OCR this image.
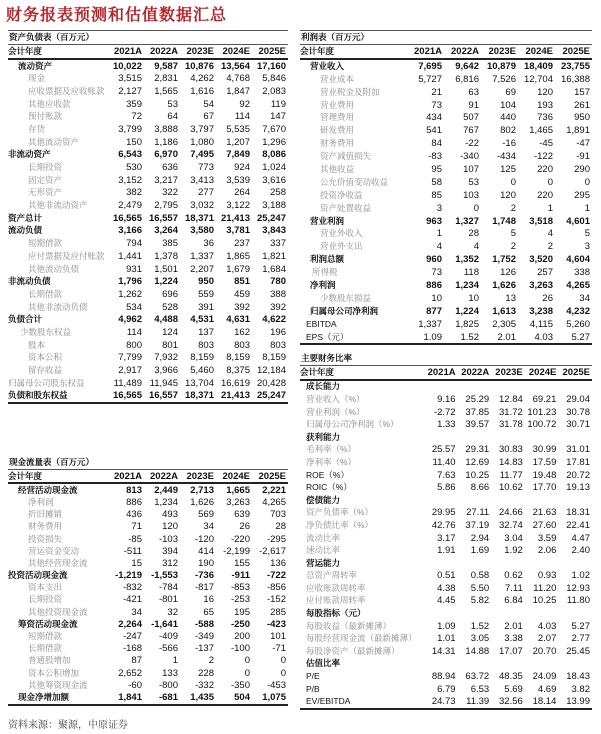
财务报表预测和估值数据汇总
资产负债表（百万元）
会计年度	2021A	2022A	2023E	2024E	2025E
流动资产	10,022	9,587	10,876	13,564	17,160
现金	3,515	2,831	4,262	4,768	5,846
应收票据及应收账款	2,127	1,565	1,616	1,847	2,083
其他应收款	359	53	54	92	119
预付账款	72	64	67	114	147
存货	3,799	3,888	3,797	5,535	7,670
其他流动资产	150	1,186	1,080	1,207	1,296
非流动资产	6,543	6,970	7,495	7,849	8,086
长期投资	530	636	773	924	1,024
固定资产	3,152	3,217	3,413	3,539	3,616
无形资产	382	322	277	264	258
其他非流动资产	2,479	2,795	3,032	3,122	3,188
资产总计	16,565	16,557	18,371	21,413	25,247
流动负债	3,166	3,264	3,580	3,781	3,843
短期借款	794	385	36	237	337
应付票据及应付账款	1,441	1,378	1,337	1,865	1,821
其他流动负债	931	1,501	2,207	1,679	1,684
非流动负债	1,796	1,224	950	851	780
长期借款	1,262	696	559	459	388
其他非流动负债	534	528	391	392	392
负债合计	4,962	4,488	4,531	4,631	4,622
少数股东权益	114	124	137	162	196
股本	800	801	803	803	803
资本公积	7,799	7,932	8,159	8,159	8,159
留存收益	2,917	3,966	5,460	8,375	12,184
归属母公司股东权益	11,489	11,945	13,704	16,619	20,428
负债和股东权益	16,565	16,557	18,371	21,413	25,247
利润表（百万元）
会计年度	2021A	2022A	2023E	2024E	2025E
营业收入	7,695	9,642	10,879	18,409	23,755
营业成本	5,727	6,816	7,526	12,704	16,388
营业税金及附加	21	63	69	120	157
营业费用	73	91	104	193	261
管理费用	434	507	440	736	950
研发费用	541	767	802	1,465	1,891
财务费用	84	-22	-16	-45	-47
资产减值损失	-83	-340	-434	-122	-91
其他收益	95	107	125	220	290
公允价值变动收益	58	53	0	0	0
投资净收益	85	103	120	220	295
资产处置收益	3	0	2	1	1
营业利润	963	1,327	1,748	3,518	4,601
营业外收入	1	28	5	4	5
营业外支出	4	4	2	2	3
利润总额	960	1,352	1,752	3,520	4,604
所得税	73	118	126	257	338
净利润	886	1,234	1,626	3,263	4,265
少数股东损益	10	10	13	26	34
归属母公司净利润	877	1,224	1,613	3,238	4,232
EBITDA	1,337	1,825	2,305	4,115	5,260
EPS（元）	1.09	1.52	2.01	4.03	5.27
现金流量表（百万元）
会计年度	2021A	2022A	2023E	2024E	2025E
经营活动现金流	813	2,449	2,713	1,665	2,221
净利润	886	1,234	1,626	3,263	4,265
折旧摊销	436	493	569	639	703
财务费用	71	120	34	26	28
投资损失	-85	-103	-120	-220	-295
营运资金变动	-511	394	414	-2,199	-2,617
其他经营现金流	15	312	190	155	136
投资活动现金流	-1,219	-1,553	-736	-911	-722
资本支出	-832	-784	-817	-853	-856
长期投资	-421	-801	16	-253	-152
其他投资现金流	34	32	65	195	285
筹资活动现金流	2,264	-1,641	-588	-250	-423
短期借款	-247	-409	-349	200	101
长期借款	-168	-566	-137	-100	-71
普通股增加	87	1	2	0	0
资本公积增加	2,652	133	228	0	0
其他筹资现金流	-60	-800	-332	-350	-453
现金净增加额	1,841	-681	1,435	504	1,075
主要财务比率
会计年度	2021A	2022A	2023E	2024E	2025E
成长能力					
营业收入（%）	9.16	25.29	12.84	69.21	29.04
营业利润（%）	-2.72	37.85	31.72	101.23	30.78
归属母公司净利润（%）	1.33	39.57	31.78	100.72	30.71
获利能力					
毛利率（%）	25.57	29.31	30.83	30.99	31.01
净利率（%）	11.40	12.69	14.83	17.59	17.81
ROE（%）	7.63	10.25	11.77	19.48	20.72
ROIC（%）	5.86	8.66	10.62	17.70	19.13
偿债能力					
资产负债率（%）	29.95	27.11	24.66	21.63	18.31
净负债比率（%）	42.76	37.19	32.74	27.60	22.41
流动比率	3.17	2.94	3.04	3.59	4.47
速动比率	1.91	1.69	1.92	2.06	2.40
营运能力					
总资产周转率	0.51	0.58	0.62	0.93	1.02
应收账款周转率	4.38	5.50	7.11	11.20	12.93
应付账款周转率	4.45	5.82	6.84	10.25	11.80
每股指标（元）					
每股收益（最新摊薄）	1.09	1.52	2.01	4.03	5.27
每股经营现金流（最新摊薄）	1.01	3.05	3.38	2.07	2.77
每股净资产（最新摊薄）	14.31	14.88	17.07	20.70	25.45
估值比率					
P/E	88.94	63.72	48.35	24.09	18.43
P/B	6.79	6.53	5.69	4.69	3.82
EV/EBITDA	24.73	11.39	32.56	18.14	13.99
资料来源：聚源，中原证券
